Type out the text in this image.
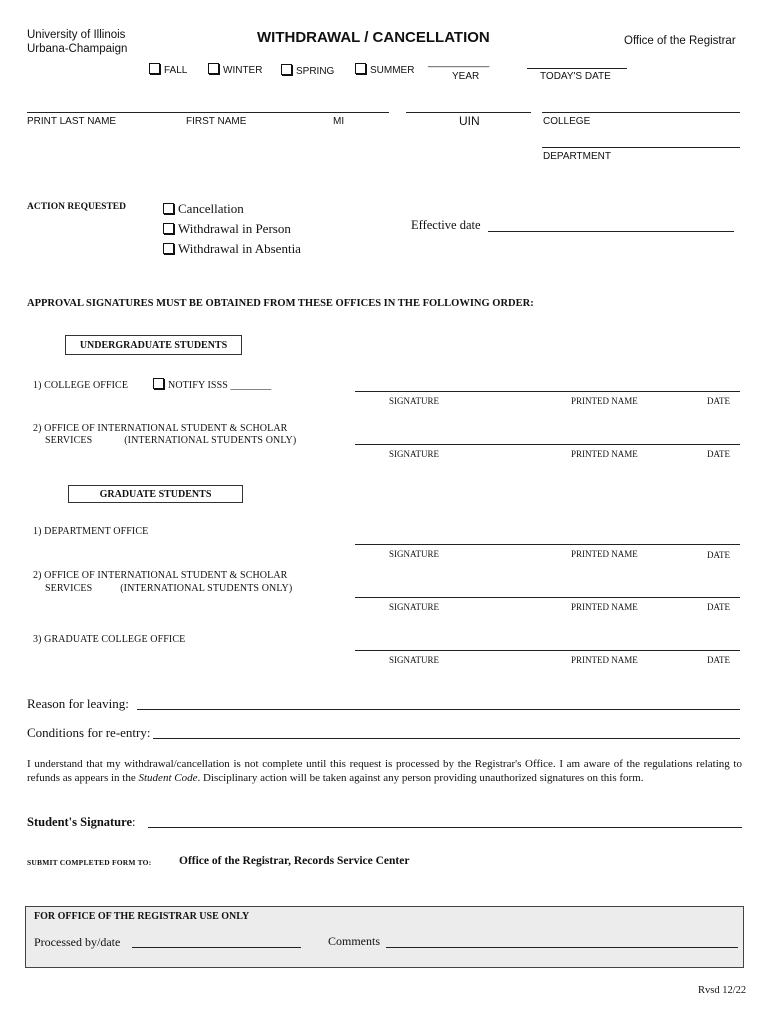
University of Illinois
Urbana-Champaign
WITHDRAWAL / CANCELLATION	Office of the Registrar
FALL	WINTER	SPRING	SUMMER
___________
YEAR	TODAY'S DATE
PRINT LAST NAME	FIRST NAME	MI	UIN	COLLEGE
DEPARTMENT
ACTION REQUESTED	Cancellation
Withdrawal in Person
Withdrawal in Absentia
Effective date
APPROVAL SIGNATURES MUST BE OBTAINED FROM THESE OFFICES IN THE FOLLOWING ORDER:
UNDERGRADUATE STUDENTS
1) COLLEGE OFFICE	NOTIFY ISSS ________
SIGNATURE	PRINTED NAME	DATE
2) OFFICE OF INTERNATIONAL STUDENT & SCHOLAR
SERVICES	(INTERNATIONAL STUDENTS ONLY)
SIGNATURE	PRINTED NAME	DATE
GRADUATE STUDENTS
1) DEPARTMENT OFFICE
SIGNATURE	PRINTED NAME	DATE
2) OFFICE OF INTERNATIONAL STUDENT & SCHOLAR
SERVICES	(INTERNATIONAL STUDENTS ONLY)
SIGNATURE	PRINTED NAME	DATE
3) GRADUATE COLLEGE OFFICE
SIGNATURE	PRINTED NAME	DATE
Reason for leaving:
Conditions for re-entry:
I understand that my withdrawal/cancellation is not complete until this request is processed by the Registrar's Office. I am aware of the regulations relating to refunds as appears in the Student Code. Disciplinary action will be taken against any person providing unauthorized signatures on this form.
Student's Signature:
SUBMIT COMPLETED FORM TO: Office of the Registrar, Records Service Center
FOR OFFICE OF THE REGISTRAR USE ONLY
Processed by/date	Comments
Rvsd 12/22
